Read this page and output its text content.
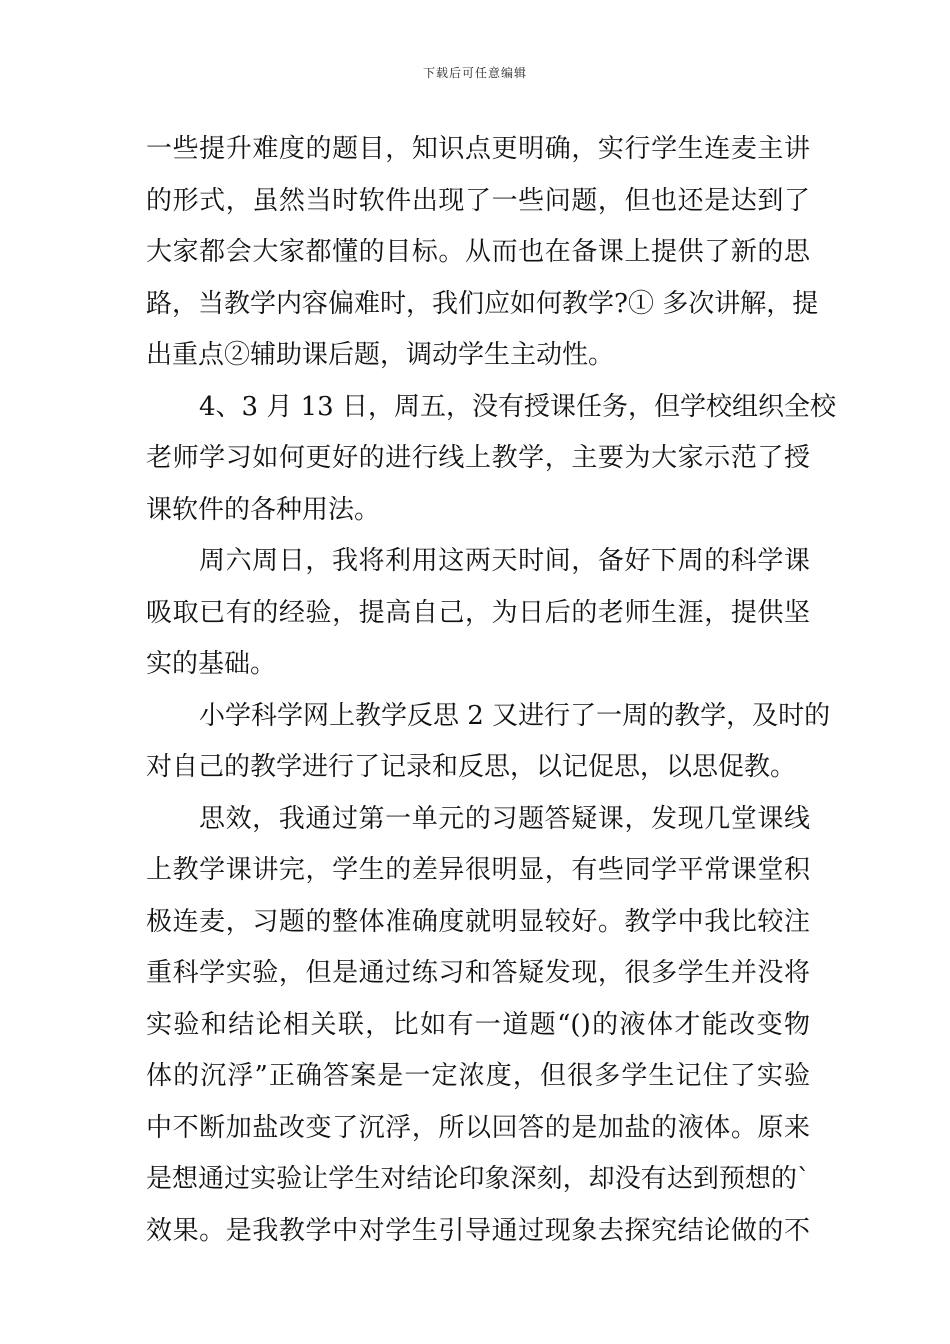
下载后可任意编辑
一些提升难度的题目，知识点更明确，实行学生连麦主讲
的形式，虽然当时软件出现了一些问题，但也还是达到了
大家都会大家都懂的目标。从而也在备课上提供了新的思
路，当教学内容偏难时，我们应如何教学?① 多次讲解，提
出重点②辅助课后题，调动学生主动性。
4、3 月 13 日，周五，没有授课任务，但学校组织全校
老师学习如何更好的进行线上教学，主要为大家示范了授
课软件的各种用法。
周六周日，我将利用这两天时间，备好下周的科学课
吸取已有的经验，提高自己，为日后的老师生涯，提供坚
实的基础。
小学科学网上教学反思 2 又进行了一周的教学，及时的
对自己的教学进行了记录和反思，以记促思，以思促教。
思效，我通过第一单元的习题答疑课，发现几堂课线
上教学课讲完，学生的差异很明显，有些同学平常课堂积
极连麦，习题的整体准确度就明显较好。教学中我比较注
重科学实验，但是通过练习和答疑发现，很多学生并没将
实验和结论相关联，比如有一道题“()的液体才能改变物
体的沉浮”正确答案是一定浓度，但很多学生记住了实验
中不断加盐改变了沉浮，所以回答的是加盐的液体。原来
是想通过实验让学生对结论印象深刻，却没有达到预想的`
效果。是我教学中对学生引导通过现象去探究结论做的不
